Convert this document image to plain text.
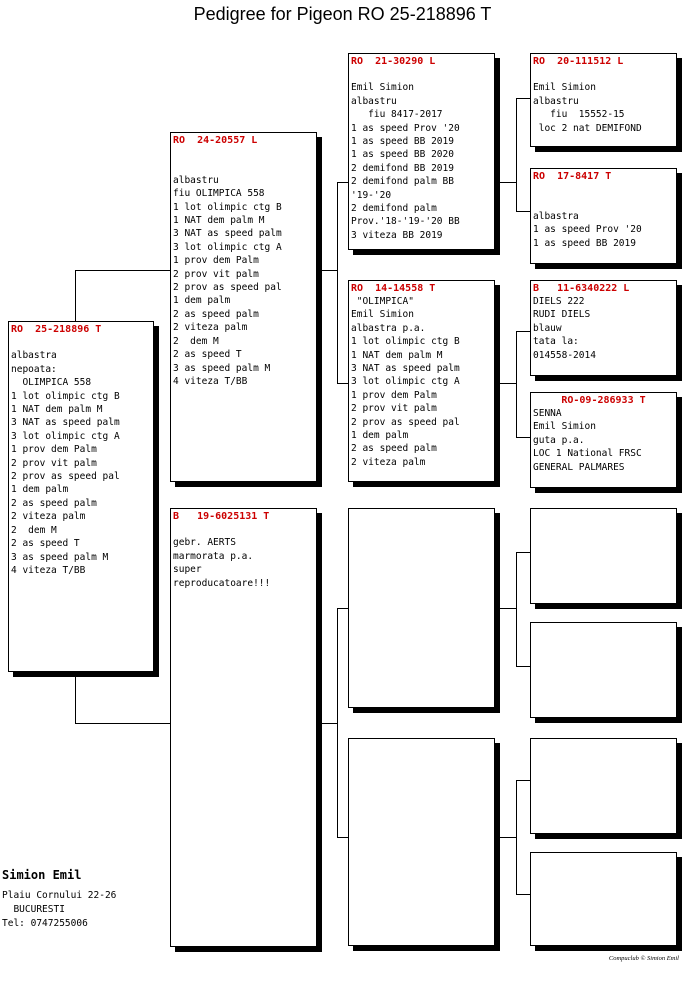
Pedigree for Pigeon RO 25-218896 T
RO  25-218896 T

albastra
nepoata:
OLIMPICA 558
1 lot olimpic ctg B
1 NAT dem palm M
3 NAT as speed palm
3 lot olimpic ctg A
1 prov dem Palm
2 prov vit palm
2 prov as speed pal
1 dem palm
2 as speed palm
2 viteza palm
2  dem M
2 as speed T
3 as speed palm M
4 viteza T/BB
RO  24-20557 L

albastru
fiu OLIMPICA 558
1 lot olimpic ctg B
1 NAT dem palm M
3 NAT as speed palm
3 lot olimpic ctg A
1 prov dem Palm
2 prov vit palm
2 prov as speed pal
1 dem palm
2 as speed palm
2 viteza palm
2  dem M
2 as speed T
3 as speed palm M
4 viteza T/BB
B   19-6025131 T

gebr. AERTS
marmorata p.a.
super
reproducatoare!!!
RO  21-30290 L

Emil Simion
albastru
fiu 8417-2017
1 as speed Prov '20
1 as speed BB 2019
1 as speed BB 2020
2 demifond BB 2019
2 demifond palm BB
'19-'20
2 demifond palm
Prov.'18-'19-'20 BB
3 viteza BB 2019
RO  14-14558 T
"OLIMPICA"
Emil Simion
albastra p.a.
1 lot olimpic ctg B
1 NAT dem palm M
3 NAT as speed palm
3 lot olimpic ctg A
1 prov dem Palm
2 prov vit palm
2 prov as speed pal
1 dem palm
2 as speed palm
2 viteza palm
RO  20-111512 L

Emil Simion
albastru
fiu  15552-15
loc 2 nat DEMIFOND
RO  17-8417 T

albastra
1 as speed Prov '20
1 as speed BB 2019
B   11-6340222 L
DIELS 222
RUDI DIELS
blauw
tata la:
014558-2014
RO-09-286933 T
SENNA
Emil Simion
guta p.a.
LOC 1 National FRSC
GENERAL PALMARES
Simion Emil
Plaiu Cornului 22-26
BUCURESTI
Tel: 0747255006
Compuclub © Simion Emil
